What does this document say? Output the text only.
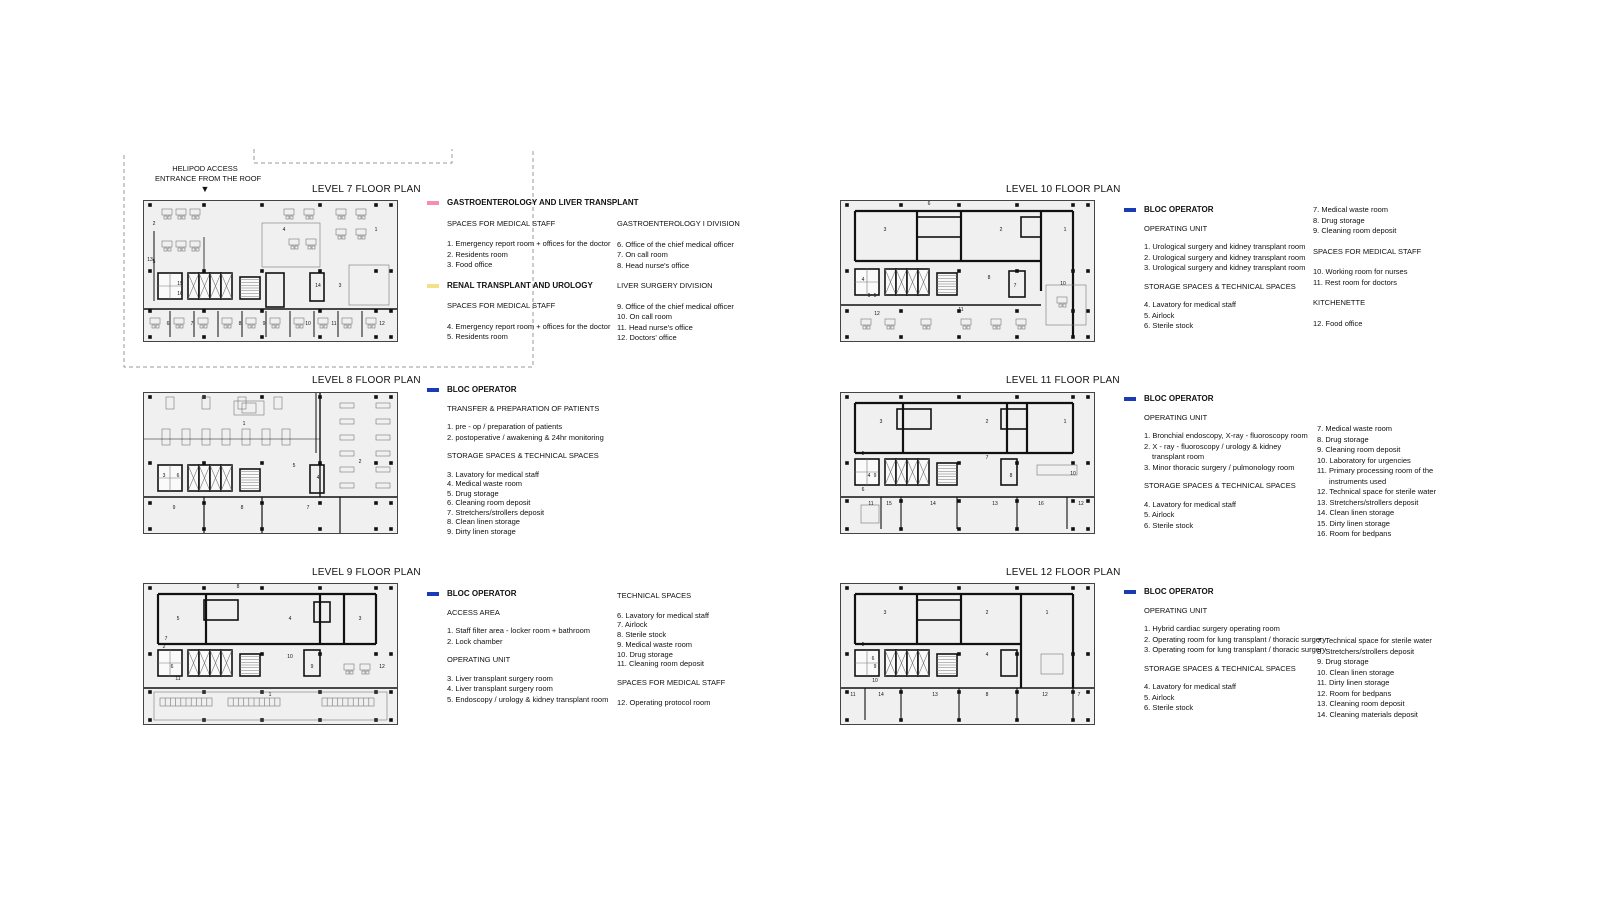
HELIPOD ACCESS
ENTRANCE FROM THE ROOF
▼	LEVEL 7 FLOOR PLAN
LEVEL 8 FLOOR PLAN
LEVEL 9 FLOOR PLAN
LEVEL 10 FLOOR PLAN
LEVEL 11 FLOOR PLAN
LEVEL 12 FLOOR PLAN
1
2
3
4
5
6	7	8	9	10	11	12
13
14
15
16
1
2
3	4
5
6
7
8
9
1
2
3
4
5
6
7
8
9
10
11
12
1
2
3
4
5
6
7
8
9
10
11
12
1
2
3
4
5
6
7
8
9	10
11	12
13
14
15	16
1
2
3
4
5
6
7
8
9
10
11	12
13
14
GASTROENTEROLOGY AND LIVER TRANSPLANT
SPACES FOR MEDICAL STAFF
1. Emergency report room + offices for the doctor
2. Residents room
3. Food office
RENAL TRANSPLANT AND UROLOGY
SPACES FOR MEDICAL STAFF
4. Emergency report room + offices for the doctor
5. Residents room
GASTROENTEROLOGY I DIVISION
6. Office of the chief medical officer
7. On call room
8. Head nurse's office
LIVER SURGERY DIVISION
9. Office of the chief medical officer
10. On call room
11. Head nurse's office
12. Doctors' office
BLOC OPERATOR
TRANSFER & PREPARATION OF PATIENTS
1. pre - op / preparation of patients
2. postoperative / awakening & 24hr monitoring
STORAGE SPACES & TECHNICAL SPACES
3. Lavatory for medical staff
4. Medical waste room
5. Drug storage
6. Cleaning room deposit
7. Stretchers/strollers deposit
8. Clean linen storage
9. Dirty linen storage
BLOC OPERATOR
ACCESS AREA
1. Staff filter area - locker room + bathroom
2. Lock chamber
OPERATING UNIT
3. Liver transplant surgery room
4. Liver transplant surgery room
5. Endoscopy / urology & kidney transplant room
TECHNICAL SPACES
6. Lavatory for medical staff
7. Airlock
8. Sterile stock
9. Medical waste room
10. Drug storage
11. Cleaning room deposit
SPACES FOR MEDICAL STAFF
12. Operating protocol room
BLOC OPERATOR
OPERATING UNIT
1. Urological surgery and kidney transplant room
2. Urological surgery and kidney transplant room
3. Urological surgery and kidney transplant room
STORAGE SPACES & TECHNICAL SPACES
4. Lavatory for medical staff
5. Airlock
6. Sterile stock
7. Medical waste room
8. Drug storage
9. Cleaning room deposit
SPACES FOR MEDICAL STAFF
10. Working room for nurses
11. Rest room for doctors
KITCHENETTE
12. Food office
BLOC OPERATOR
OPERATING UNIT
1. Bronchial endoscopy, X-ray - fluoroscopy room
2. X - ray - fluoroscopy / urology & kidney
transplant room
3. Minor thoracic surgery / pulmonology room
STORAGE SPACES & TECHNICAL SPACES
4. Lavatory for medical staff
5. Airlock
6. Sterile stock
7. Medical waste room
8. Drug storage
9. Cleaning room deposit
10. Laboratory for urgencies
11. Primary processing room of the
instruments used
12. Technical space for sterile water
13. Stretchers/strollers deposit
14. Clean linen storage
15. Dirty linen storage
16. Room for bedpans
BLOC OPERATOR
OPERATING UNIT
1. Hybrid cardiac surgery operating room
2. Operating room for lung transplant / thoracic surgery
3. Operating room for lung transplant / thoracic surgery
STORAGE SPACES & TECHNICAL SPACES
4. Lavatory for medical staff
5. Airlock
6. Sterile stock
7. Technical space for sterile water
8. Stretchers/strollers deposit
9. Drug storage
10. Clean linen storage
11. Dirty linen storage
12. Room for bedpans
13. Cleaning room deposit
14. Cleaning materials deposit
